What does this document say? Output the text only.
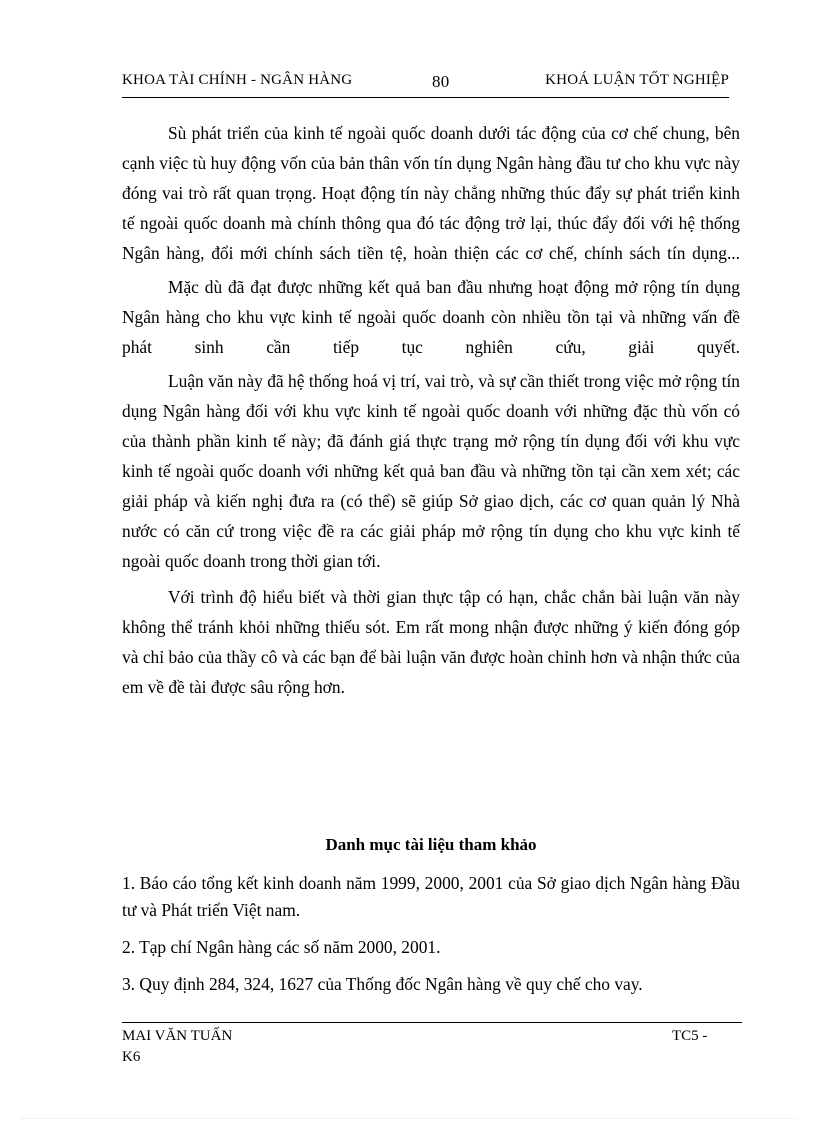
KHOA TÀI CHÍNH - NGÂN HÀNG	80	KHOÁ LUẬN TỐT NGHIỆP

Sù phát triển của kinh tế ngoài quốc doanh dưới tác động của cơ chế chung, bên cạnh việc tù huy động vốn của bản thân vốn tín dụng Ngân hàng đầu tư cho khu vực này đóng vai trò rất quan trọng. Hoạt động tín này chẳng những thúc đẩy sự phát triển kinh tế ngoài quốc doanh mà chính thông qua đó tác động trở lại, thúc đẩy đối với hệ thống Ngân hàng, đổi mới chính sách tiền tệ, hoàn thiện các cơ chế, chính sách tín dụng...

Mặc dù đã đạt được những kết quả ban đầu nhưng hoạt động mở rộng tín dụng Ngân hàng cho khu vực kinh tế ngoài quốc doanh còn nhiều tồn tại và những vấn đề phát sinh cần tiếp tục nghiên cứu, giải quyết.

Luận văn này đã hệ thống hoá vị trí, vai trò, và sự cần thiết trong việc mở rộng tín dụng Ngân hàng đối với khu vực kinh tế ngoài quốc doanh với những đặc thù vốn có của thành phần kinh tế này; đã đánh giá thực trạng mở rộng tín dụng đối với khu vực kinh tế ngoài quốc doanh với những kết quả ban đầu và những tồn tại cần xem xét; các giải pháp và kiến nghị đưa ra (có thể) sẽ giúp Sở giao dịch, các cơ quan quản lý Nhà nước có căn cứ trong việc đề ra các giải pháp mở rộng tín dụng cho khu vực kinh tế ngoài quốc doanh trong thời gian tới.

Với trình độ hiểu biết và thời gian thực tập có hạn, chắc chắn bài luận văn này không thể tránh khỏi những thiếu sót. Em rất mong nhận được những ý kiến đóng góp và chỉ bảo của thầy cô và các bạn để bài luận văn được hoàn chỉnh hơn và nhận thức của em về đề tài được sâu rộng hơn.

Danh mục tài liệu tham khảo
1. Báo cáo tổng kết kinh doanh năm 1999, 2000, 2001 của Sở giao dịch Ngân hàng Đầu tư và Phát triển Việt nam.
2. Tạp chí Ngân hàng các số năm 2000, 2001.
3. Quy định 284, 324, 1627 của Thống đốc Ngân hàng về quy chế cho vay.
MAI VĂN TUẤN
K6
TC5 -
